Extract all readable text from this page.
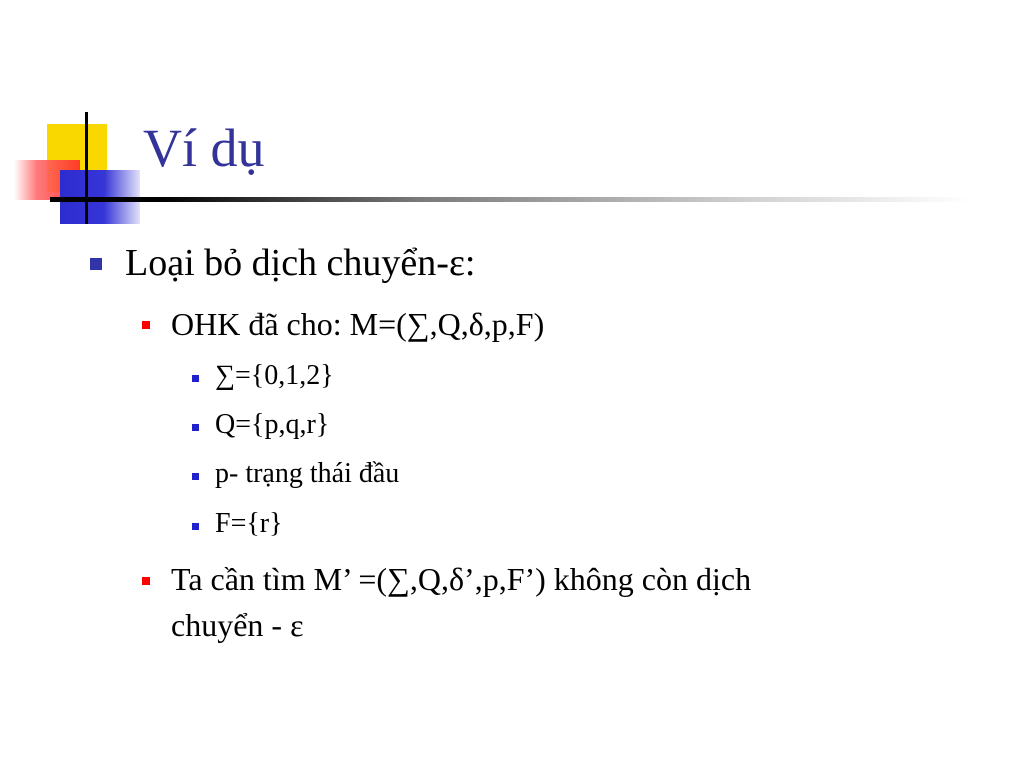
Ví dụ
Loại bỏ dịch chuyển-ε:
OHK đã cho: M=(∑,Q,δ,p,F)
∑={0,1,2}
Q={p,q,r}
p- trạng thái đầu
F={r}
Ta cần tìm M’ =(∑,Q,δ’,p,F’) không còn dịch
chuyển - ε
